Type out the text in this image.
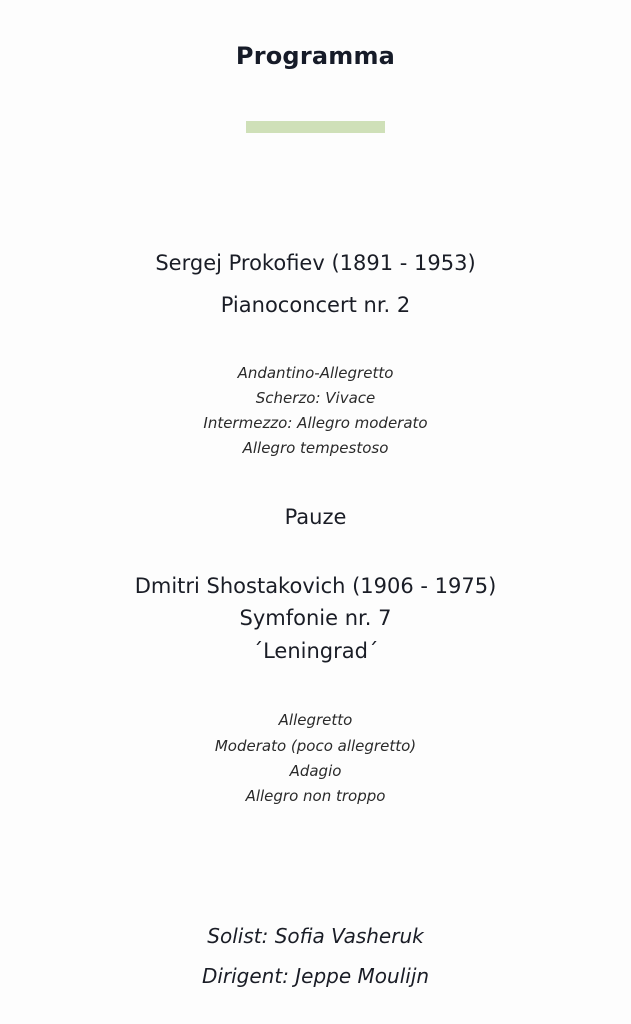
Programma
Sergej Prokofiev (1891 - 1953)
Pianoconcert nr. 2
Andantino-Allegretto
Scherzo: Vivace
Intermezzo: Allegro moderato
Allegro tempestoso
Pauze
Dmitri Shostakovich (1906 - 1975)
Symfonie nr. 7
´Leningrad´
Allegretto
Moderato (poco allegretto)
Adagio
Allegro non troppo
Solist: Sofia Vasheruk
Dirigent: Jeppe Moulijn
